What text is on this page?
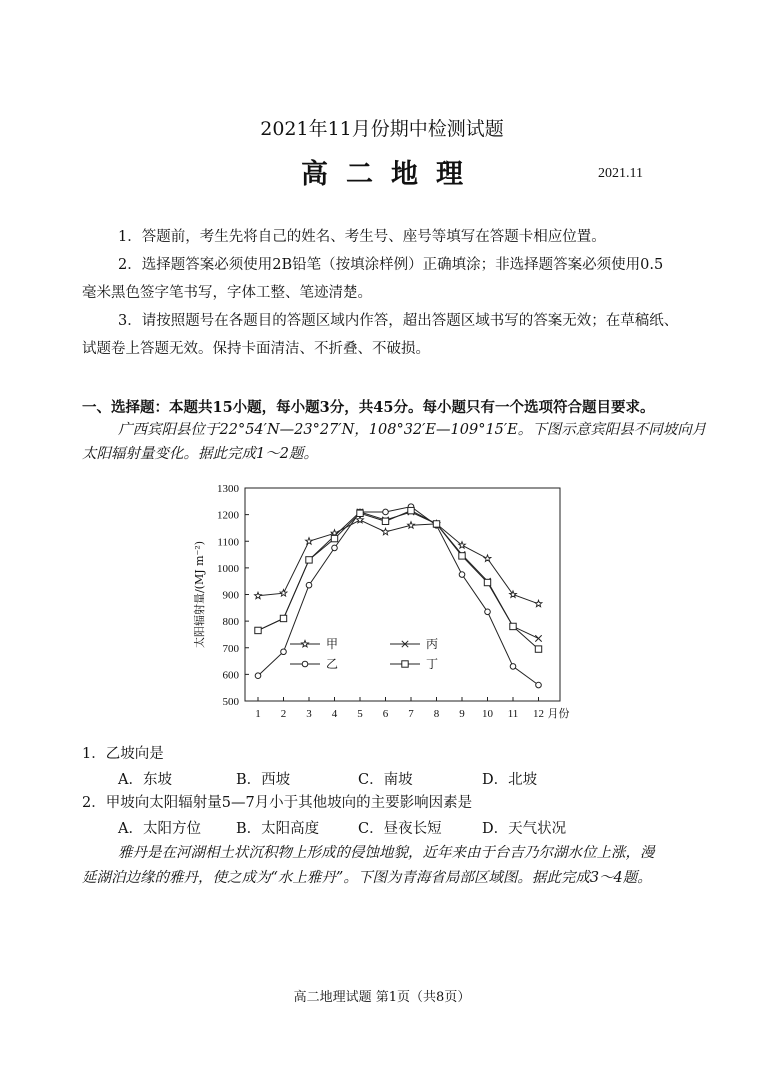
2021年11月份期中检测试题
高二地理	2021.11
1．答题前，考生先将自己的姓名、考生号、座号等填写在答题卡相应位置。
2．选择题答案必须使用2B铅笔（按填涂样例）正确填涂；非选择题答案必须使用0.5
毫米黑色签字笔书写，字体工整、笔迹清楚。
3．请按照题号在各题目的答题区域内作答，超出答题区域书写的答案无效；在草稿纸、
试题卷上答题无效。保持卡面清洁、不折叠、不破损。
一、选择题：本题共15小题，每小题3分，共45分。每小题只有一个选项符合题目要求。
广西宾阳县位于22°54′N—23°27′N，108°32′E—109°15′E。下图示意宾阳县不同坡向月
太阳辐射量变化。据此完成1～2题。
500
600
700
800
900
1000
1100
1200
1300
1 2 3 4 5 6 7 8 9 10 11 12 月份
太阳辐射量/(MJ m⁻²)	甲	丙
乙	丁
1．乙坡向是
A．东坡	B．西坡	C．南坡	D．北坡
2．甲坡向太阳辐射量5—7月小于其他坡向的主要影响因素是
A．太阳方位 B．太阳高度	C．昼夜长短	D．天气状况
雅丹是在河湖相土状沉积物上形成的侵蚀地貌，近年来由于台吉乃尔湖水位上涨，漫
延湖泊边缘的雅丹，使之成为“水上雅丹”。下图为青海省局部区域图。据此完成3～4题。
高二地理试题 第1页（共8页）
